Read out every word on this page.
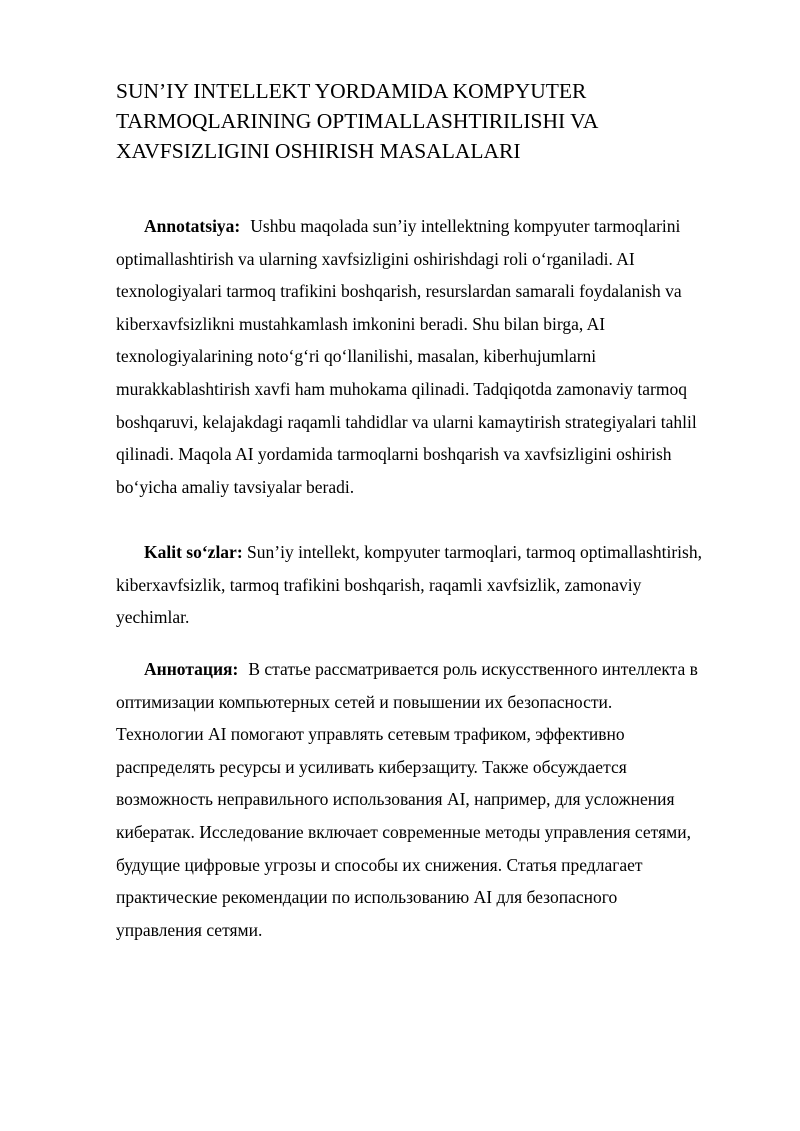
SUN’IY INTELLEKT YORDAMIDA KOMPYUTER
TARMOQLARINING OPTIMALLASHTIRILISHI VA
XAVFSIZLIGINI OSHIRISH MASALALARI

Annotatsiya: Ushbu maqolada sun’iy intellektning kompyuter tarmoqlarini
optimallashtirish va ularning xavfsizligini oshirishdagi roli o‘rganiladi. AI
texnologiyalari tarmoq trafikini boshqarish, resurslardan samarali foydalanish va
kiberxavfsizlikni mustahkamlash imkonini beradi. Shu bilan birga, AI
texnologiyalarining noto‘g‘ri qo‘llanilishi, masalan, kiberhujumlarni
murakkablashtirish xavfi ham muhokama qilinadi. Tadqiqotda zamonaviy tarmoq
boshqaruvi, kelajakdagi raqamli tahdidlar va ularni kamaytirish strategiyalari tahlil
qilinadi. Maqola AI yordamida tarmoqlarni boshqarish va xavfsizligini oshirish
bo‘yicha amaliy tavsiyalar beradi.

Kalit so‘zlar: Sun’iy intellekt, kompyuter tarmoqlari, tarmoq optimallashtirish,
kiberxavfsizlik, tarmoq trafikini boshqarish, raqamli xavfsizlik, zamonaviy
yechimlar.

Аннотация: В статье рассматривается роль искусственного интеллекта в
оптимизации компьютерных сетей и повышении их безопасности.
Технологии AI помогают управлять сетевым трафиком, эффективно
распределять ресурсы и усиливать киберзащиту. Также обсуждается
возможность неправильного использования AI, например, для усложнения
кибератак. Исследование включает современные методы управления сетями,
будущие цифровые угрозы и способы их снижения. Статья предлагает
практические рекомендации по использованию AI для безопасного
управления сетями.
